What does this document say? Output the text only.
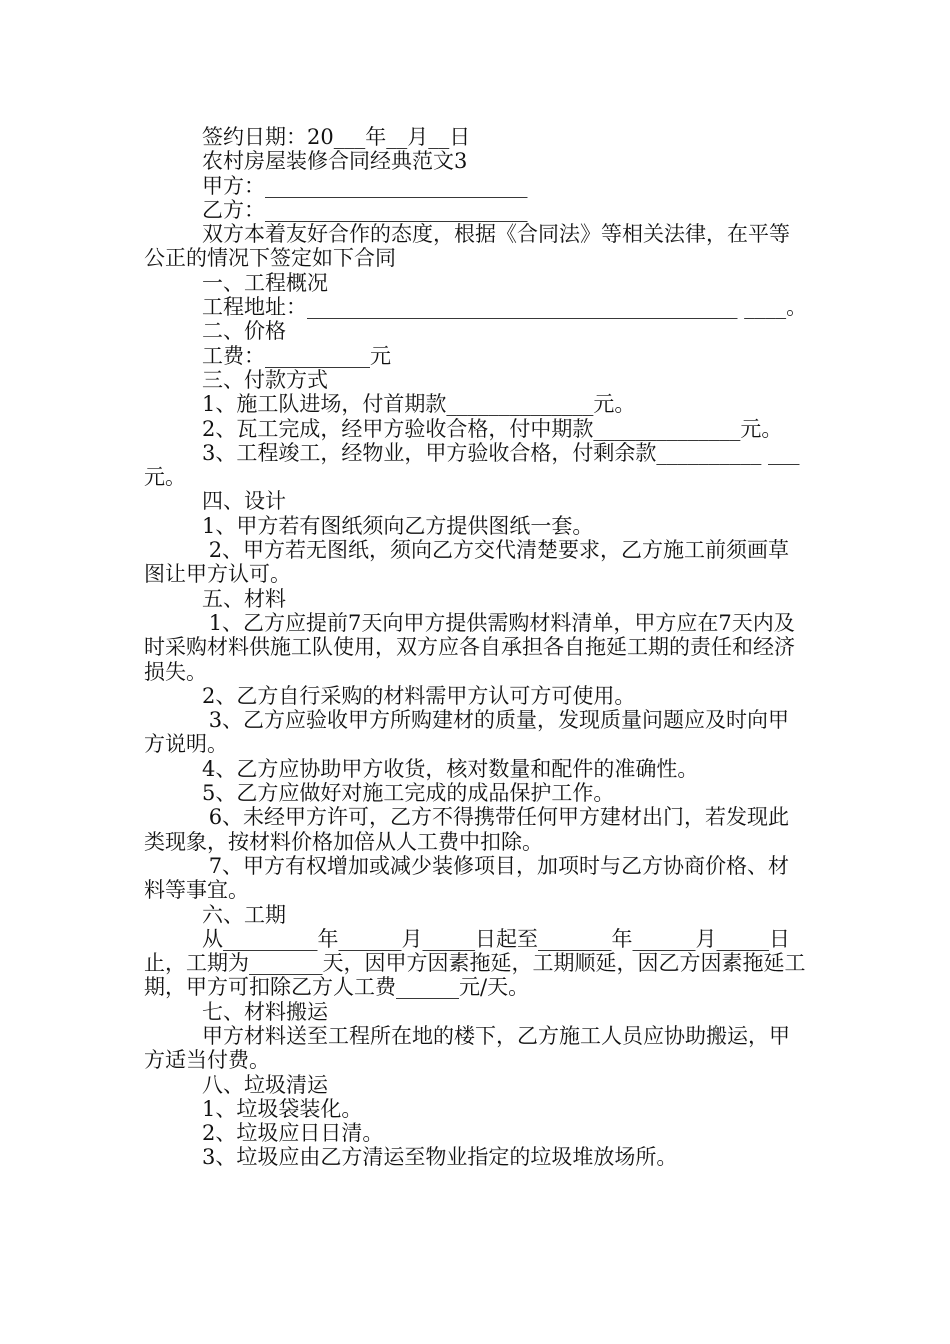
签约日期：20___年__月__日

农村房屋装修合同经典范文3

甲方：_________________________

乙方：_________________________

双方本着友好合作的态度，根据《合同法》等相关法律，在平等公正的情况下签定如下合同

一、工程概况

工程地址：_________________________________________ ____。

二、价格

工费：__________元

三、付款方式

1、施工队进场，付首期款______________元。

2、瓦工完成，经甲方验收合格，付中期款______________元。

3、工程竣工，经物业，甲方验收合格，付剩余款__________ ___元。

四、设计

1、甲方若有图纸须向乙方提供图纸一套。

2、甲方若无图纸，须向乙方交代清楚要求，乙方施工前须画草图让甲方认可。

五、材料

1、乙方应提前7天向甲方提供需购材料清单，甲方应在7天内及时采购材料供施工队使用，双方应各自承担各自拖延工期的责任和经济损失。

2、乙方自行采购的材料需甲方认可方可使用。

3、乙方应验收甲方所购建材的质量，发现质量问题应及时向甲方说明。

4、乙方应协助甲方收货，核对数量和配件的准确性。

5、乙方应做好对施工完成的成品保护工作。

6、未经甲方许可，乙方不得携带任何甲方建材出门，若发现此类现象，按材料价格加倍从人工费中扣除。

7、甲方有权增加或减少装修项目，加项时与乙方协商价格、材料等事宜。

六、工期

从_________年______月_____日起至_______年______月_____日止，工期为_______天，因甲方因素拖延，工期顺延，因乙方因素拖延工期，甲方可扣除乙方人工费______元/天。

七、材料搬运

甲方材料送至工程所在地的楼下，乙方施工人员应协助搬运，甲方适当付费。

八、垃圾清运

1、垃圾袋装化。

2、垃圾应日日清。

3、垃圾应由乙方清运至物业指定的垃圾堆放场所。
